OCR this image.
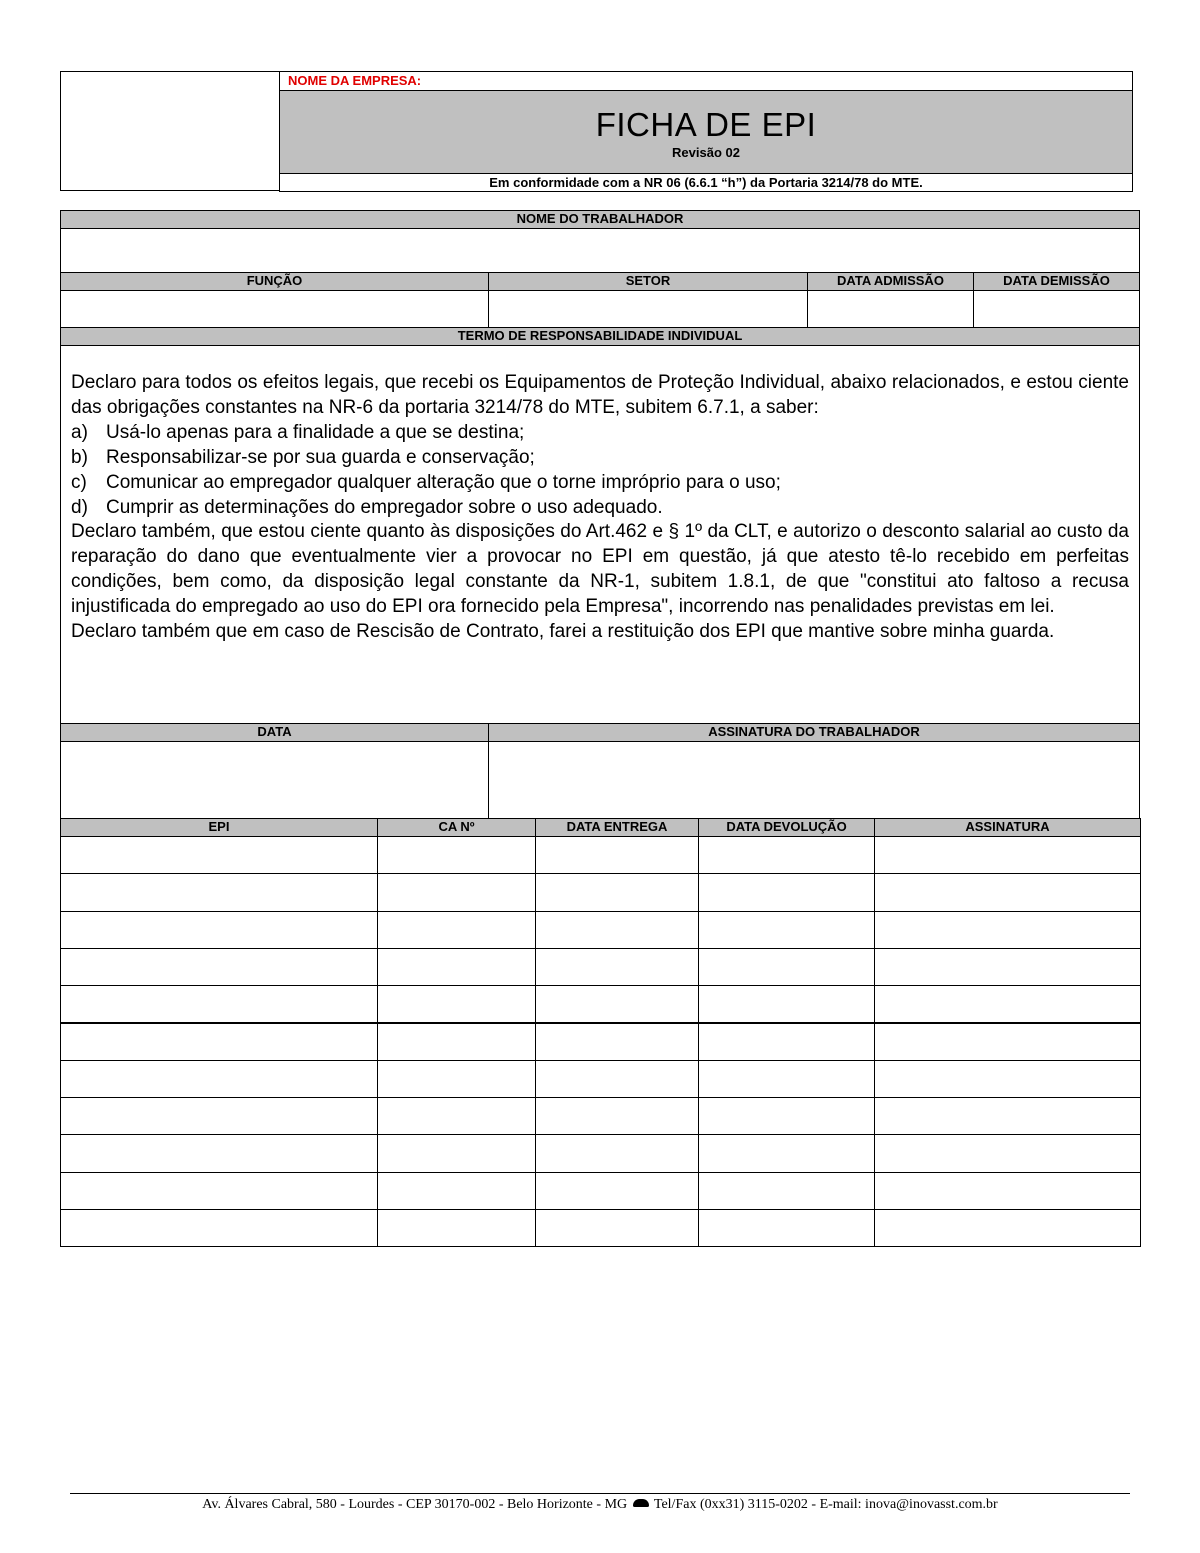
NOME DA EMPRESA:
FICHA DE EPI
Revisão 02
Em conformidade com a NR 06 (6.6.1 “h”) da Portaria 3214/78 do MTE.
NOME DO TRABALHADOR
FUNÇÃO	SETOR	DATA ADMISSÃO	DATA DEMISSÃO
TERMO DE RESPONSABILIDADE INDIVIDUAL

Declaro para todos os efeitos legais, que recebi os Equipamentos de Proteção Individual, abaixo relacionados, e estou ciente das obrigações constantes na NR-6 da portaria 3214/78 do MTE, subitem 6.7.1, a saber:

a) Usá-lo apenas para a finalidade a que se destina;
b) Responsabilizar-se por sua guarda e conservação;
c)	Comunicar ao empregador qualquer alteração que o torne impróprio para o uso;
d) Cumprir as determinações do empregador sobre o uso adequado.

Declaro também, que estou ciente quanto às disposições do Art.462 e § 1º da CLT, e autorizo o desconto salarial ao custo da reparação do dano que eventualmente vier a provocar no EPI em questão, já que atesto tê-lo recebido em perfeitas condições, bem como, da disposição legal constante da NR-1, subitem 1.8.1, de que "constitui ato faltoso a recusa injustificada do empregado ao uso do EPI ora fornecido pela Empresa", incorrendo nas penalidades previstas em lei.

Declaro também que em caso de Rescisão de Contrato, farei a restituição dos EPI que mantive sobre minha guarda.

DATA	ASSINATURA DO TRABALHADOR
EPI	CA Nº	DATA ENTREGA	DATA DEVOLUÇÃO	ASSINATURA
Av. Álvares Cabral, 580 - Lourdes - CEP 30170-002 - Belo Horizonte - MG Tel/Fax (0xx31) 3115-0202 - E-mail: inova@inovasst.com.br
